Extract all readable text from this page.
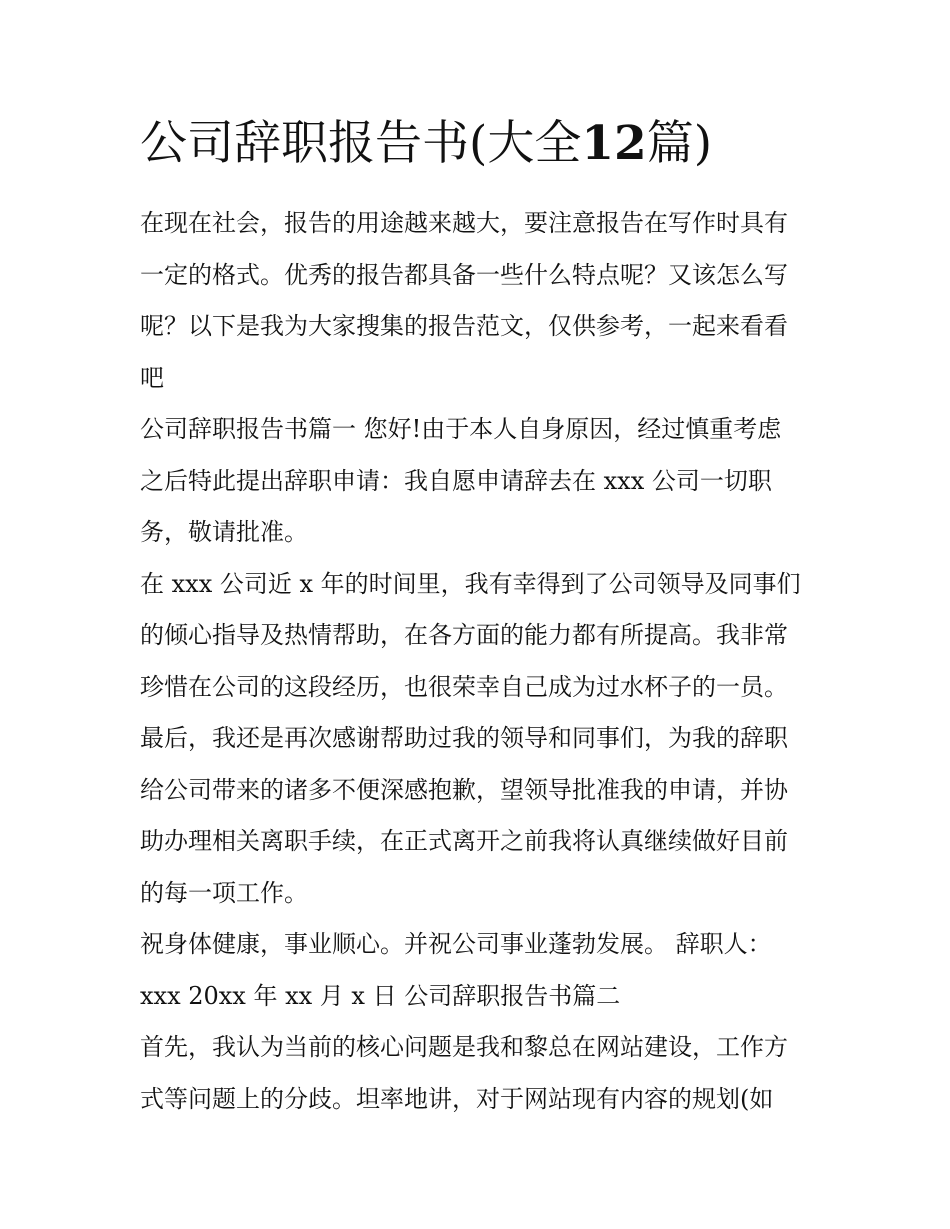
公司辞职报告书(大全12篇)
在现在社会，报告的用途越来越大，要注意报告在写作时具有
一定的格式。优秀的报告都具备一些什么特点呢？又该怎么写
呢？以下是我为大家搜集的报告范文，仅供参考，一起来看看
吧
公司辞职报告书篇一 您好!由于本人自身原因，经过慎重考虑
之后特此提出辞职申请：我自愿申请辞去在 xxx 公司一切职
务，敬请批准。
在 xxx 公司近 x 年的时间里，我有幸得到了公司领导及同事们
的倾心指导及热情帮助，在各方面的能力都有所提高。我非常
珍惜在公司的这段经历，也很荣幸自己成为过水杯子的一员。
最后，我还是再次感谢帮助过我的领导和同事们，为我的辞职
给公司带来的诸多不便深感抱歉，望领导批准我的申请，并协
助办理相关离职手续，在正式离开之前我将认真继续做好目前
的每一项工作。
祝身体健康，事业顺心。并祝公司事业蓬勃发展。 辞职人：
xxx 20xx 年 xx 月 x 日 公司辞职报告书篇二
首先，我认为当前的核心问题是我和黎总在网站建设，工作方
式等问题上的分歧。坦率地讲，对于网站现有内容的规划(如
